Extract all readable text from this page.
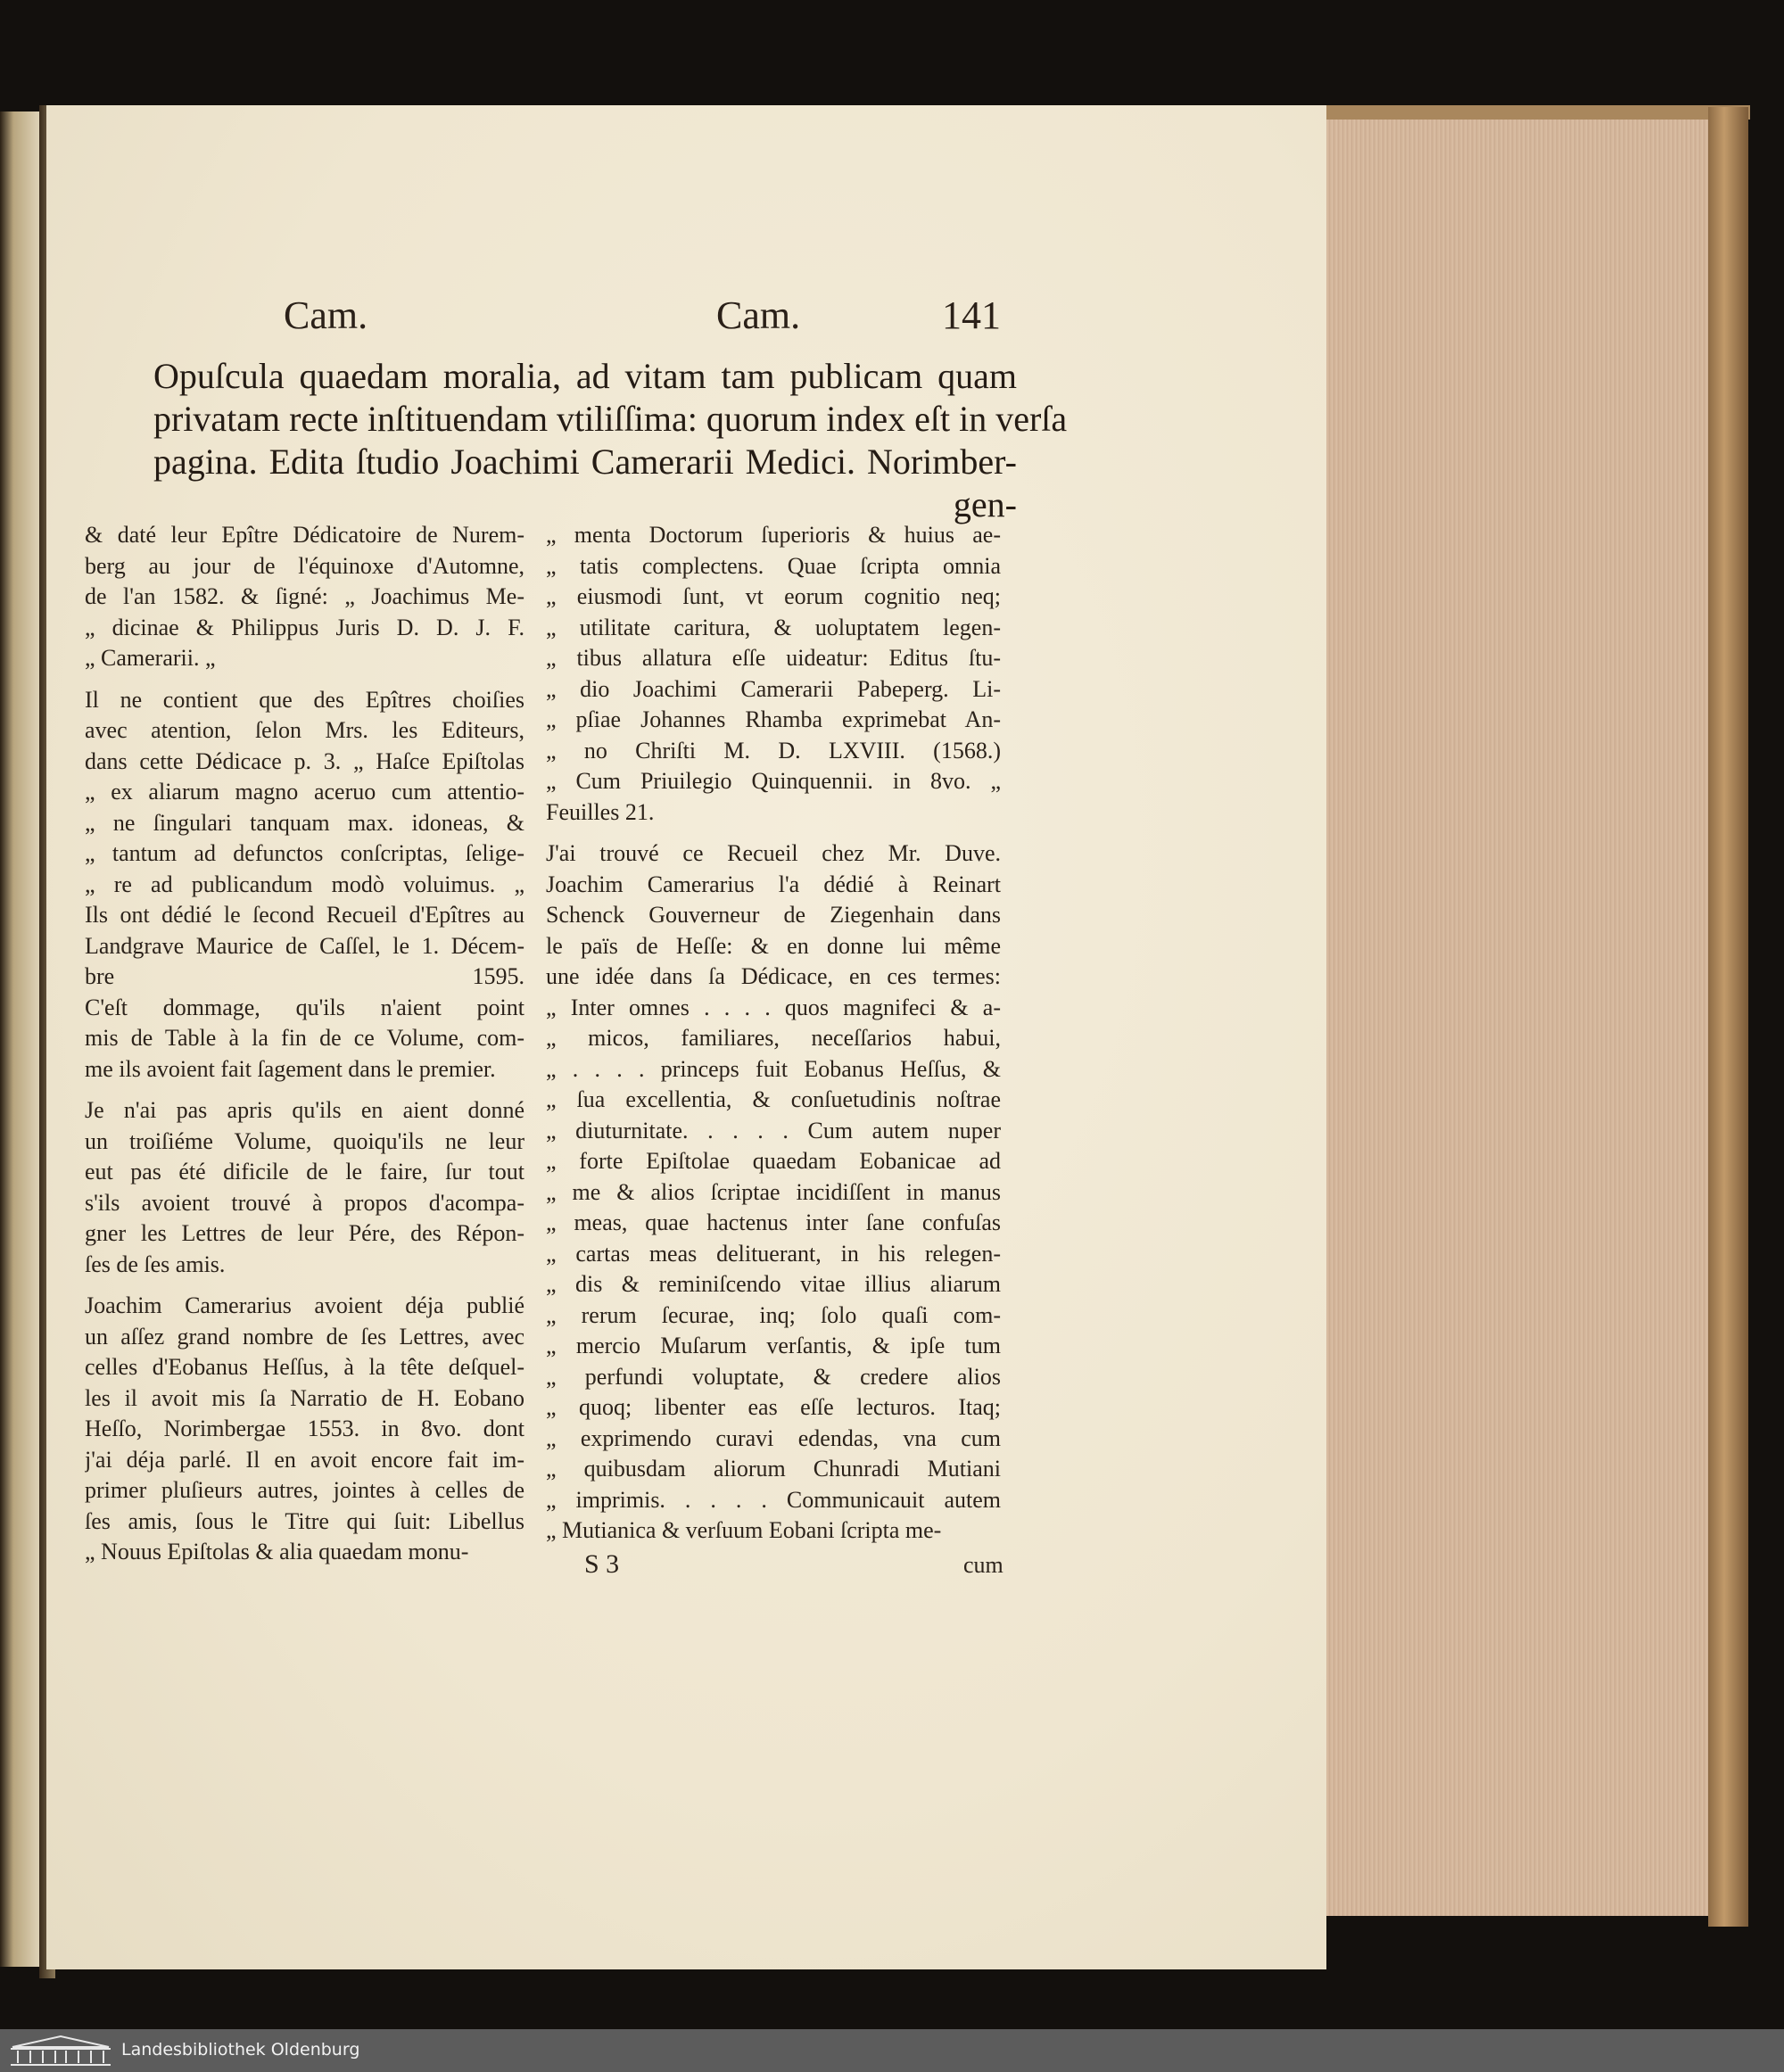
Cam.	Cam.	141
Opuſcula quaedam moralia, ad vitam tam publicam quam
privatam recte inſtituendam vtiliſſima: quorum index eſt in verſa
pagina. Edita ſtudio Joachimi Camerarii Medici. Norimber-
gen-
& daté leur Epître Dédicatoire de Nurem-
berg au jour de l'équinoxe d'Automne,
de l'an 1582. & ſigné: „ Joachimus Me-
„ dicinae & Philippus Juris D. D. J. F.
„ Camerarii. „
Il ne contient que des Epîtres choiſies
avec atention, ſelon Mrs. les Editeurs,
dans cette Dédicace p. 3. „ Haſce Epiſtolas
„ ex aliarum magno aceruo cum attentio-
„ ne ſingulari tanquam max. idoneas, &
„ tantum ad defunctos conſcriptas, ſelige-
„ re ad publicandum modò voluimus. „
Ils ont dédié le ſecond Recueil d'Epîtres au
Landgrave Maurice de Caſſel, le 1. Décem-
bre 1595.
C'eſt dommage, qu'ils n'aient point
mis de Table à la fin de ce Volume, com-
me ils avoient fait ſagement dans le premier.
Je n'ai pas apris qu'ils en aient donné
un troiſiéme Volume, quoiqu'ils ne leur
eut pas été dificile de le faire, ſur tout
s'ils avoient trouvé à propos d'acompa-
gner les Lettres de leur Pére, des Répon-
ſes de ſes amis.
Joachim Camerarius avoient déja publié
un aſſez grand nombre de ſes Lettres, avec
celles d'Eobanus Heſſus, à la tête deſquel-
les il avoit mis ſa Narratio de H. Eobano
Heſſo, Norimbergae 1553. in 8vo. dont
j'ai déja parlé. Il en avoit encore fait im-
primer pluſieurs autres, jointes à celles de
ſes amis, ſous le Titre qui ſuit: Libellus
„ Nouus Epiſtolas & alia quaedam monu-
„ menta Doctorum ſuperioris & huius ae-
„ tatis complectens. Quae ſcripta omnia
„ eiusmodi ſunt, vt eorum cognitio neq;
„ utilitate caritura, & uoluptatem legen-
„ tibus allatura eſſe uideatur: Editus ſtu-
„ dio Joachimi Camerarii Pabeperg. Li-
„ pſiae Johannes Rhamba exprimebat An-
„ no Chriſti M. D. LXVIII. (1568.)
„ Cum Priuilegio Quinquennii. in 8vo. „
Feuilles 21.
J'ai trouvé ce Recueil chez Mr. Duve.
Joachim Camerarius l'a dédié à Reinart
Schenck Gouverneur de Ziegenhain dans
le païs de Heſſe: & en donne lui même
une idée dans ſa Dédicace, en ces termes:
„ Inter omnes . . . . quos magnifeci & a-
„ micos, familiares, neceſſarios habui,
„ . . . . princeps fuit Eobanus Heſſus, &
„ ſua excellentia, & conſuetudinis noſtrae
„ diuturnitate. . . . . Cum autem nuper
„ forte Epiſtolae quaedam Eobanicae ad
„ me & alios ſcriptae incidiſſent in manus
„ meas, quae hactenus inter ſane confuſas
„ cartas meas delituerant, in his relegen-
„ dis & reminiſcendo vitae illius aliarum
„ rerum ſecurae, inq; ſolo quaſi com-
„ mercio Muſarum verſantis, & ipſe tum
„ perfundi voluptate, & credere alios
„ quoq; libenter eas eſſe lecturos. Itaq;
„ exprimendo curavi edendas, vna cum
„ quibusdam aliorum Chunradi Mutiani
„ imprimis. . . . . Communicauit autem
„ Mutianica & verſuum Eobani ſcripta me-
S 3	cum
Landesbibliothek Oldenburg
